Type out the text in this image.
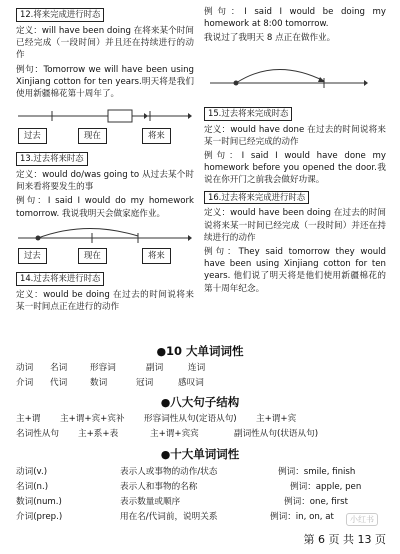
12.将来完成进行时态
定义：will have been doing 在将来某个时间已经完成（一段时间）并且还在持续进行的动作
例句：Tomorrow we will have been using Xinjiang cotton for ten years.明天将是我们使用新疆棉花第十周年了。
过去	现在	将来
13.过去将来时态
定义：would do/was going to 从过去某个时间来看将要发生的事
例句：I said I would do my homework tomorrow. 我说我明天会做家庭作业。
过去	现在	将来
14.过去将来进行时态
定义：would be doing 在过去的时间说将来某一时间点正在进行的动作
例句：I said I would be doing my homework at 8:00 tomorrow.
我说过了我明天 8 点正在做作业。
15.过去将来完成时态
定义：would have done 在过去的时间说将来某一时间已经完成的动作
例句：I said I would have done my homework before you opened the door.我说在你开门之前我会做好功课。
16.过去将来完成进行时态
定义：would have been doing 在过去的时间说将来某一时间已经完成（一段时间）并还在持续进行的动作
例句：They said tomorrow they would have been using Xinjiang cotton for ten years. 他们说了明天将是他们使用新疆棉花的第十周年纪念。
●10 大单词词性
动词 名词	形容词	副词	连词
介词 代词	数词	冠词	感叹词
●八大句子结构
主+谓 主+谓+宾+宾补 形容词性从句(定语从句) 主+谓+宾
名词性从句 主+系+表	主+谓+宾宾	副词性从句(状语从句)
●十大单词词性
动词(v.)	表示人或事物的动作/状态	例词：smile, finish
名词(n.)	表示人和事物的名称	例词：apple, pen
数词(num.)	表示数量或顺序	例词：one, first
介词(prep.)	用在名/代词前，说明关系	例词：in, on, at	小红书
第 6 页 共 13 页
